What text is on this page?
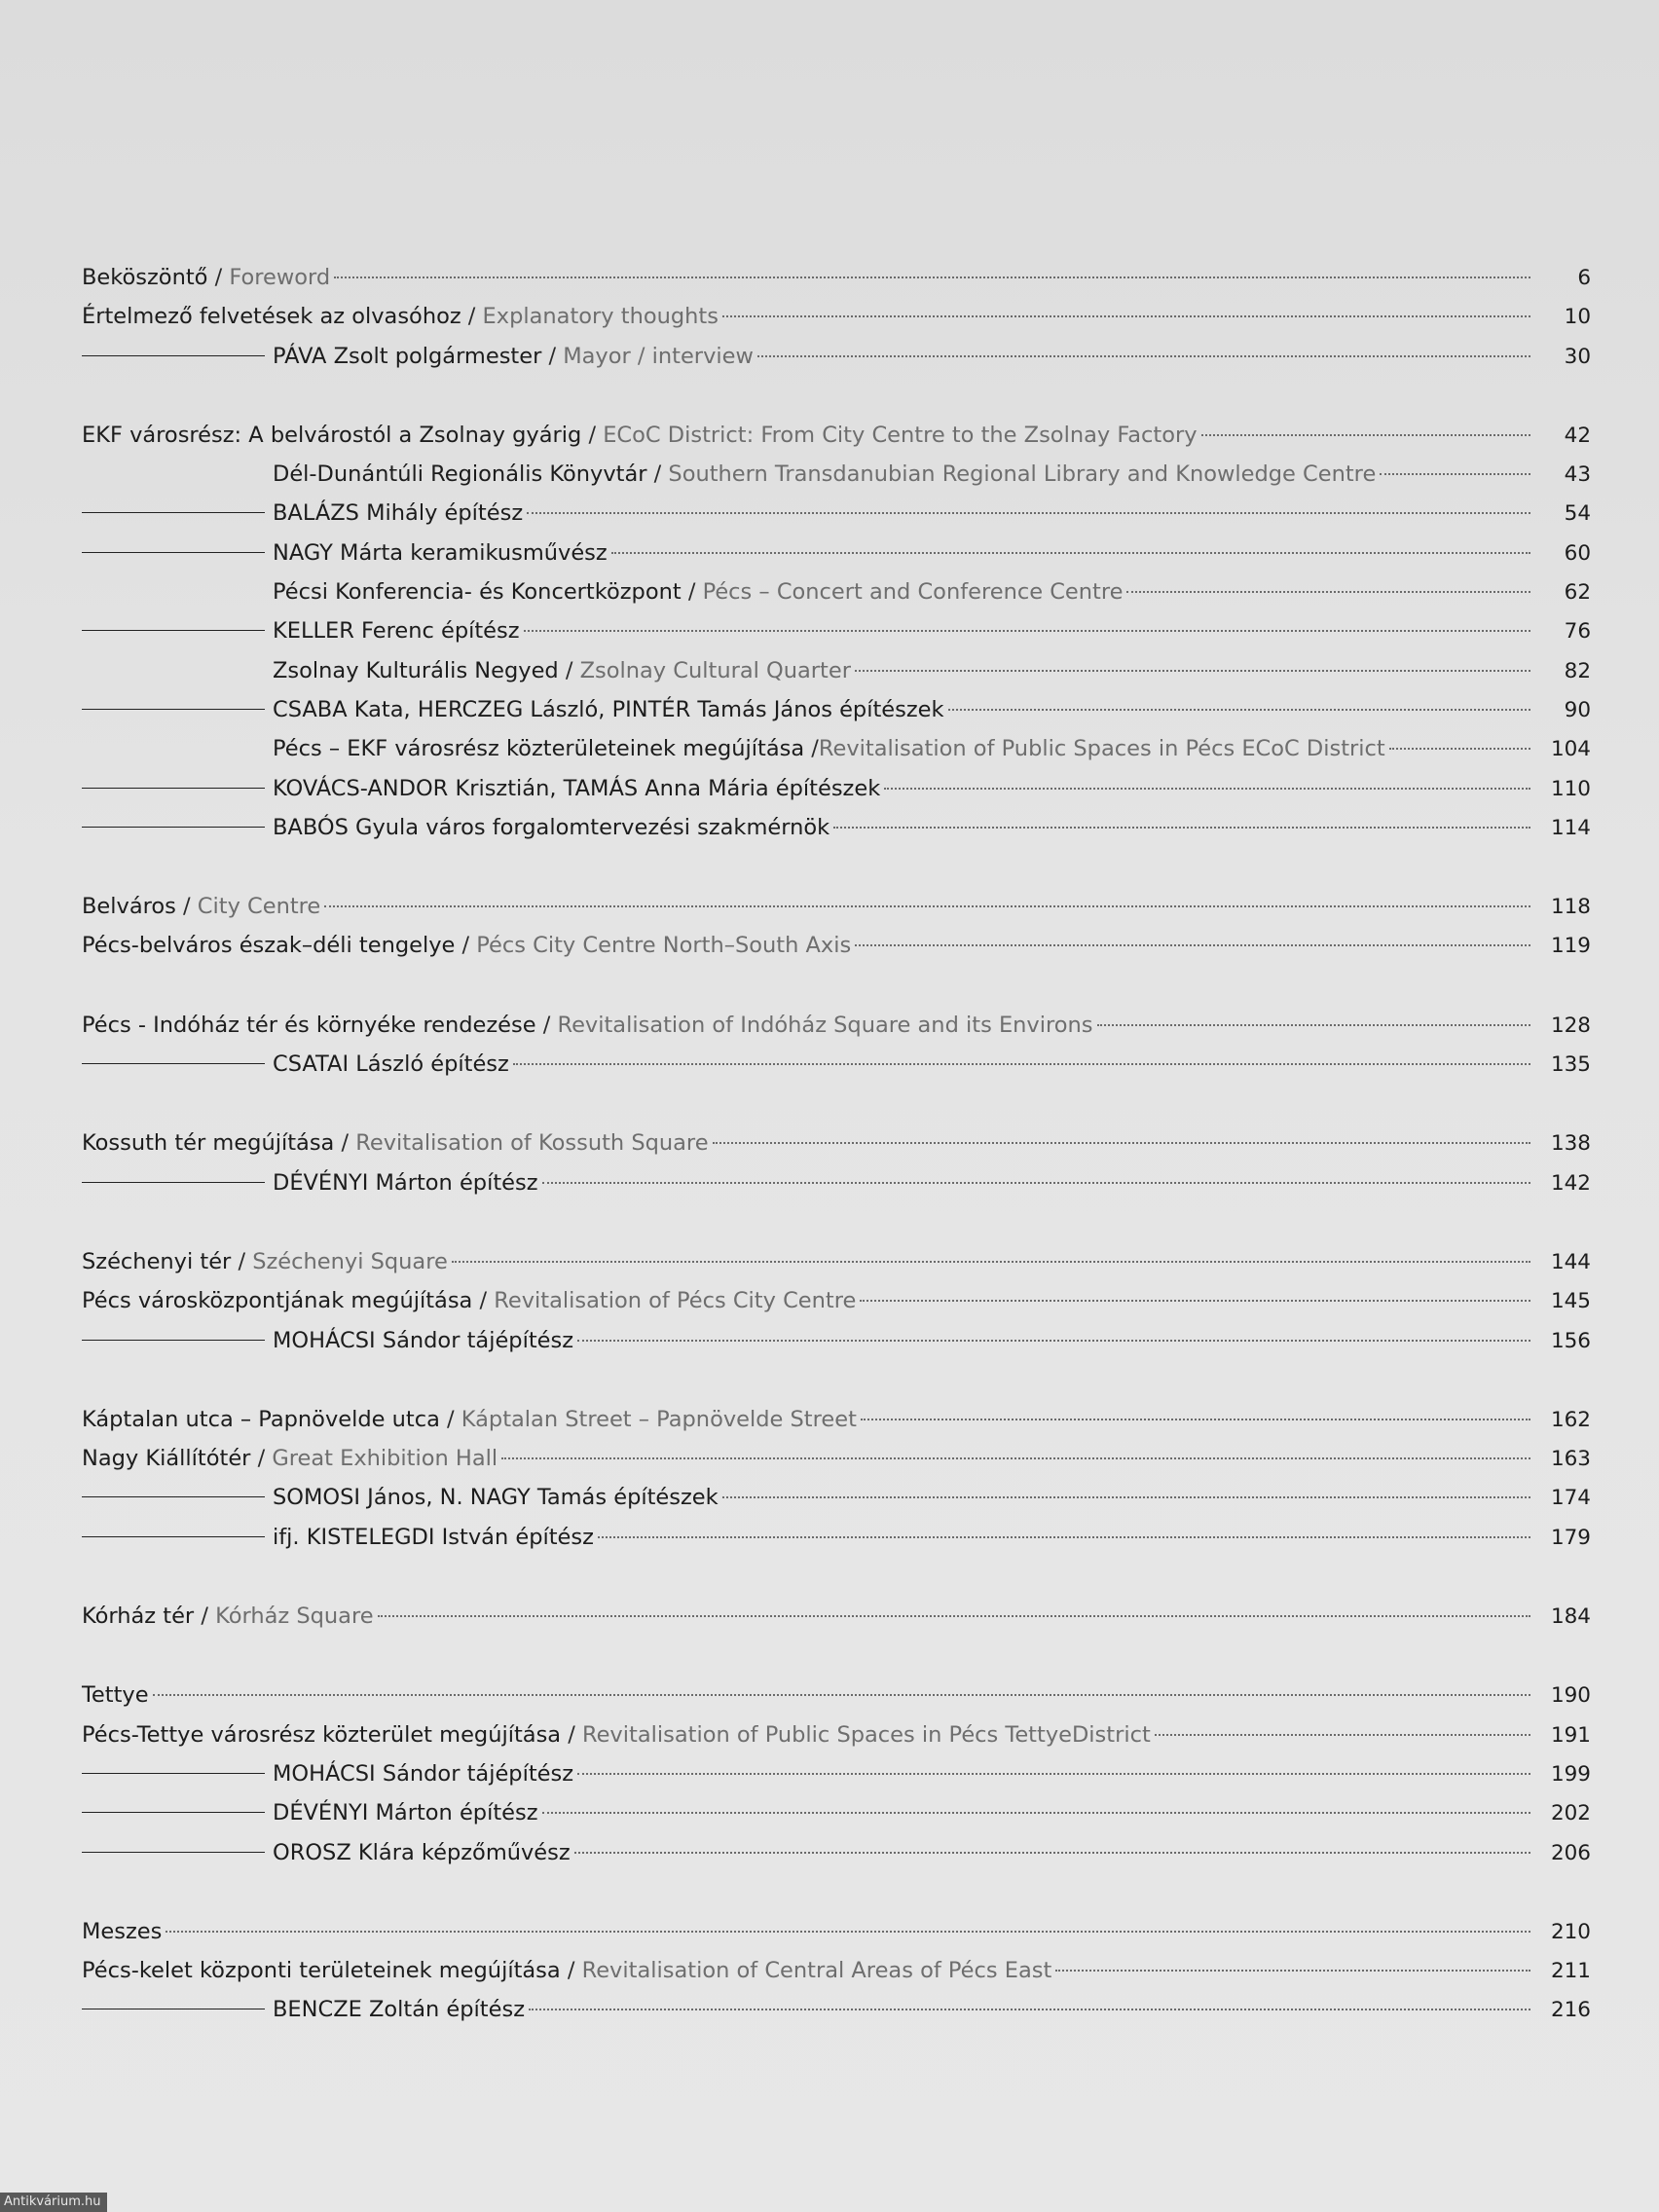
Beköszöntő / Foreword	6
Értelmező felvetések az olvasóhoz / Explanatory thoughts	10
PÁVA Zsolt polgármester / Mayor / interview	30
EKF városrész: A belvárostól a Zsolnay gyárig / ECoC District: From City Centre to the Zsolnay Factory	42
Dél-Dunántúli Regionális Könyvtár / Southern Transdanubian Regional Library and Knowledge Centre	43
BALÁZS Mihály építész	54
NAGY Márta keramikusművész	60
Pécsi Konferencia- és Koncertközpont / Pécs – Concert and Conference Centre	62
KELLER Ferenc építész	76
Zsolnay Kulturális Negyed / Zsolnay Cultural Quarter	82
CSABA Kata, HERCZEG László, PINTÉR Tamás János építészek	90
Pécs – EKF városrész közterületeinek megújítása /Revitalisation of Public Spaces in Pécs ECoC District	104
KOVÁCS-ANDOR Krisztián, TAMÁS Anna Mária építészek	110
BABÓS Gyula város forgalomtervezési szakmérnök	114
Belváros / City Centre	118
Pécs-belváros észak–déli tengelye / Pécs City Centre North–South Axis	119
Pécs - Indóház tér és környéke rendezése / Revitalisation of Indóház Square and its Environs	128
CSATAI László építész	135
Kossuth tér megújítása / Revitalisation of Kossuth Square	138
DÉVÉNYI Márton építész	142
Széchenyi tér / Széchenyi Square	144
Pécs városközpontjának megújítása / Revitalisation of Pécs City Centre	145
MOHÁCSI Sándor tájépítész	156
Káptalan utca – Papnövelde utca / Káptalan Street – Papnövelde Street	162
Nagy Kiállítótér / Great Exhibition Hall	163
SOMOSI János, N. NAGY Tamás építészek	174
ifj. KISTELEGDI István építész	179
Kórház tér / Kórház Square	184
Tettye	190
Pécs-Tettye városrész közterület megújítása / Revitalisation of Public Spaces in Pécs TettyeDistrict	191
MOHÁCSI Sándor tájépítész	199
DÉVÉNYI Márton építész	202
OROSZ Klára képzőművész	206
Meszes	210
Pécs-kelet központi területeinek megújítása / Revitalisation of Central Areas of Pécs East	211
BENCZE Zoltán építész	216
Antikvárium.hu
